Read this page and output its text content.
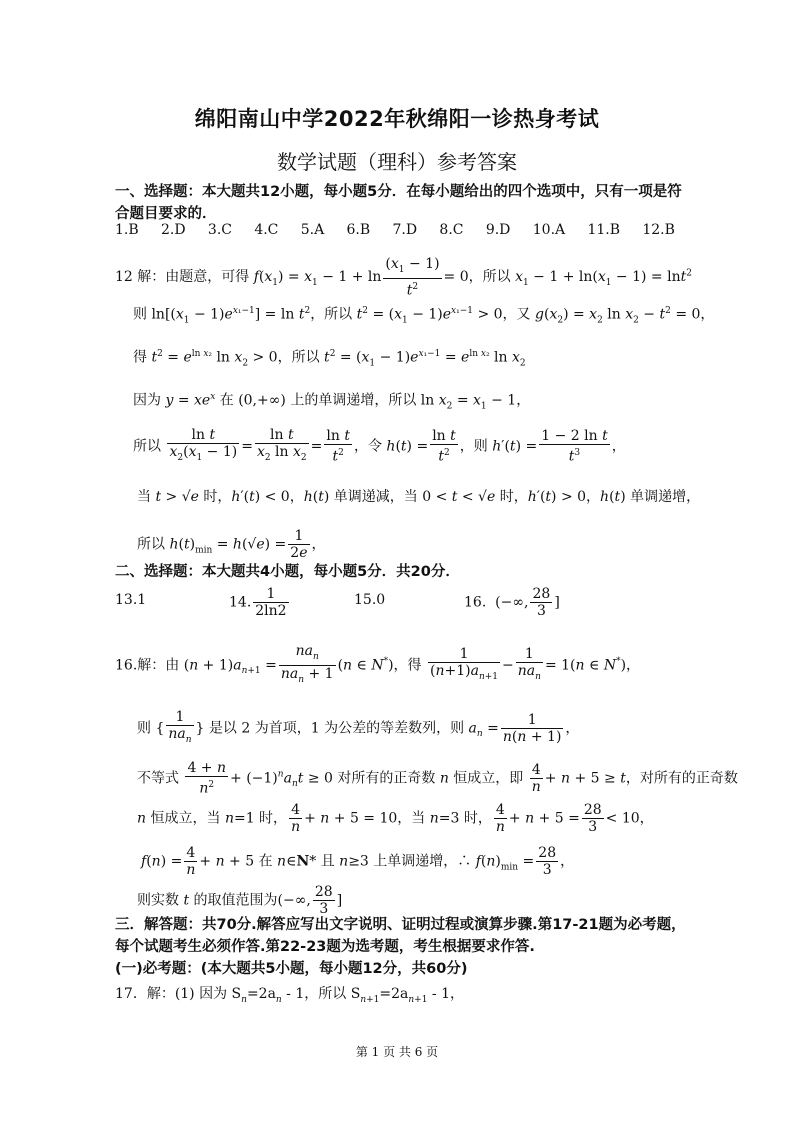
绵阳南山中学2022年秋绵阳一诊热身考试
数学试题（理科）参考答案
一、选择题：本大题共12小题，每小题5分．在每小题给出的四个选项中，只有一项是符
合题目要求的．
1.B 2.D 3.C 4.C 5.A 6.B 7.D 8.C 9.D 10.A 11.B 12.B
12 解：由题意，可得 $f(x_1) = x_1 - 1 + \ln \frac{(x_1 - 1)}{t^2} = 0$，所以 $x_1 - 1 + \ln(x_1 - 1) = \ln t^2$
则 $\ln[(x_1 - 1)e^{x_1-1}] = \ln t^2$，所以 $t^2 = (x_1 - 1)e^{x_1-1} > 0$，又 $g(x_2) = x_2$ $\ln x_2 - t^2 = 0$，
得 $t^2 = e^{ln x_2}$ $\ln x_2 > 0$，所以 $t^2 = (x_1 - 1)e^{x_1-1} = e^{ln x_2}$ $\ln x_2$
因为 $y = xe^x$ 在 (0,+∞) 上的单调递增，所以 $\ln x_2 = x_1 - 1$，
所以 $\frac{\text{ln t}}{x_2(x_1 - 1)} = \frac{\text{ln t}}{x_2 \ln x_2} = \frac{\text{ln t}}{t^2}$ ，令 $h(t) = \frac{\text{ln t}}{t^2}$ ，则 $h'(t) = \frac{\text{1 − 2 ln t}}{t^3}$ ，
当 t > √e 时，h′(t) < 0，h(t) 单调递减，当 0 < t < √e 时，h′(t) > 0，h(t) 单调递增，
所以 $h(t)_{min} = h(√e) = \frac{1}{2e}$ ，
二、选择题：本大题共4小题，每小题5分．共20分．
13.1	14. $\frac{1}{2\ln 2}$	15.0	16.  (−∞, $\frac{28}{3}$ ]
16.解：由 $(n + 1)a_{n+1}$ =
$na_n$
$na_n + 1$
(n ∈ N*)，得 $\frac{1}{(n+1)a_{n+1}}$ −
1
$na_n$
= 1(n ∈ N*)，
则 {
1
$na_n$
} 是以 2 为首项，1 为公差的等差数列，则 $a_n = \frac{1}{n(n + 1)}$ ，
不等式 $\frac{4 + n}{n^2} + (-1)^na_nt \ge 0$ 对所有的正奇数 n 恒成立，即 $\frac{4}{n} + n + 5 \ge t$，对所有的正奇数
n 恒成立，当 n=1 时， $\frac{4}{n} + n + 5 = 10$，当 n=3 时， $\frac{4}{n} + n + 5 = \frac{28}{3} < 10$，
$f(n) = \frac{4}{n} + n + 5$ 在 n∈N* 且 n≥3 上单调递增，∴ $f(n)_{min} = \frac{28}{3}$ ，
则实数 t 的取值范围为(−∞, $\frac{28}{3}$ ]
三．解答题：共70分.解答应写出文字说明、证明过程或演算步骤.第17-21题为必考题，
每个试题考生必须作答.第22-23题为选考题，考生根据要求作答.
(一)必考题：(本大题共5小题，每小题12分，共60分)
17．解：(1) 因为 $S_n=2a_n - 1$，所以 $S_{n+1}=2a_{n+1} - 1$，
第 1 页 共 6 页
